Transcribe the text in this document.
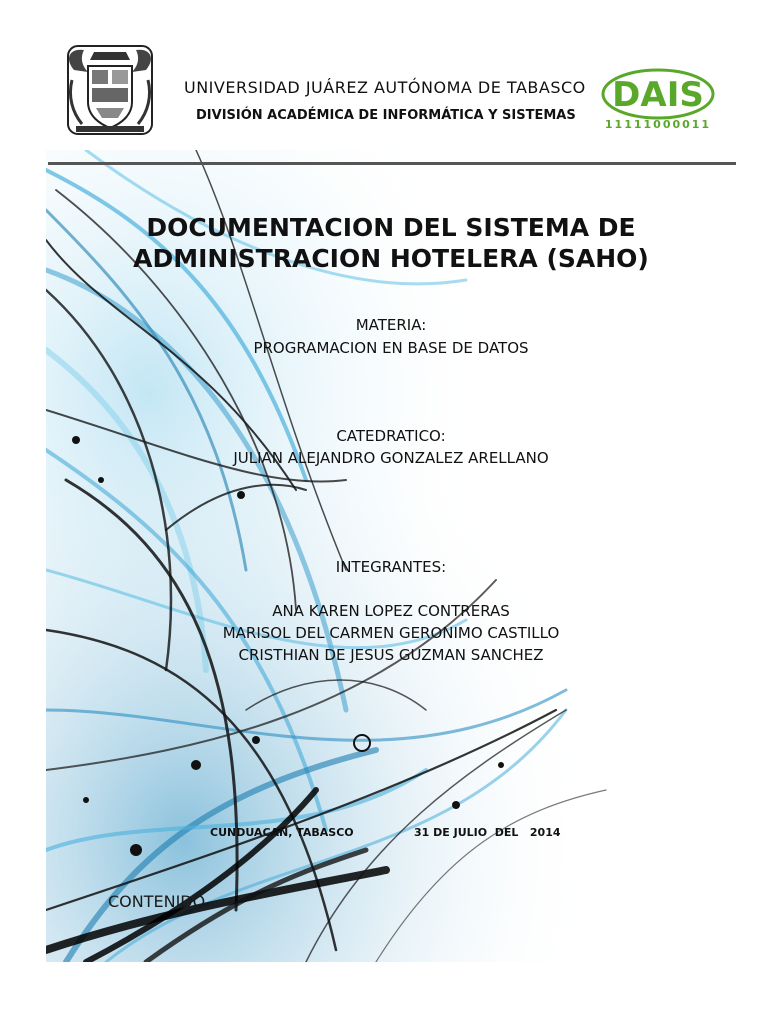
UNIVERSIDAD JUÁREZ AUTÓNOMA DE TABASCO
DIVISIÓN ACADÉMICA DE INFORMÁTICA Y SISTEMAS
DAIS
11111000011
DOCUMENTACION DEL SISTEMA DE
ADMINISTRACION HOTELERA (SAHO)
MATERIA:
PROGRAMACION EN BASE DE DATOS
CATEDRATICO:
JULIAN ALEJANDRO GONZALEZ ARELLANO
INTEGRANTES:
ANA KAREN LOPEZ CONTRERAS
MARISOL DEL CARMEN GERONIMO CASTILLO
CRISTHIAN DE JESUS GUZMAN SANCHEZ
CUNDUACAN, TABASCO	31 DE JULIO  DEL   2014
CONTENIDO
